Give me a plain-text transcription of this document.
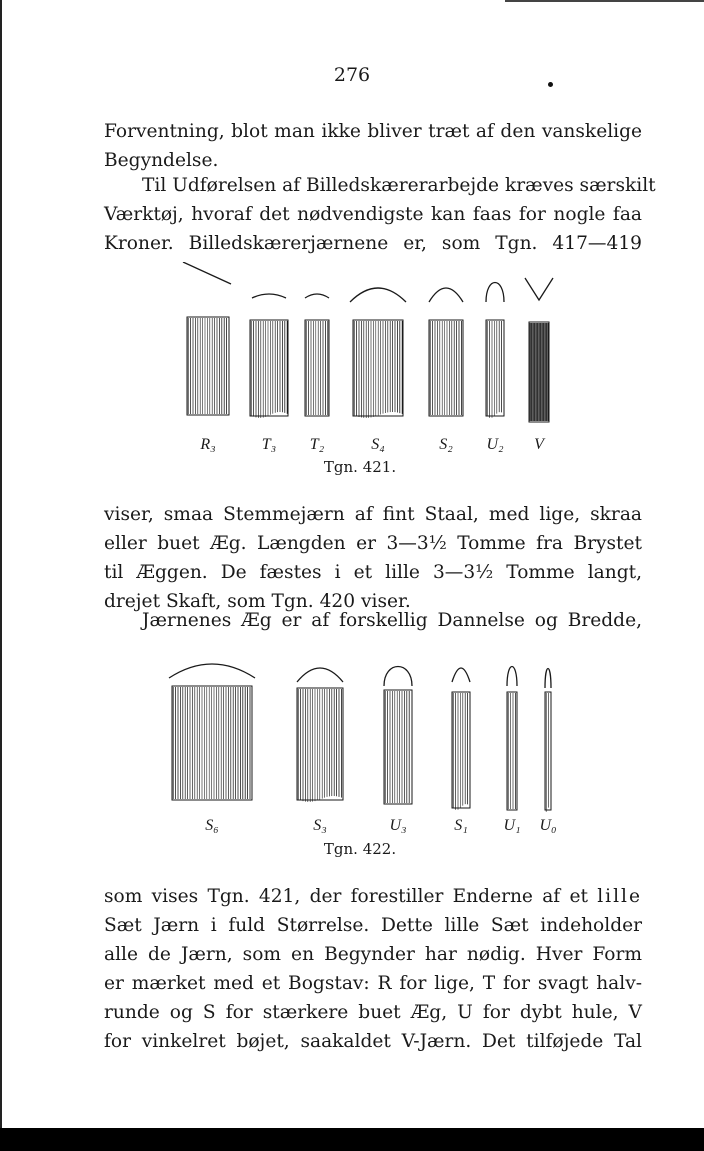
276

Forventning, blot man ikke bliver træt af den vanskelige
Begyndelse.

Til Udførelsen af Billedskærerarbejde kræves særskilt
Værktøj, hvoraf det nødvendigste kan faas for nogle faa
Kroner. Billedskærerjærnene er, som Tgn. 417—419

R₃	T₃ T₂	S₄	S₂ U₂ V
Tgn. 421.

viser, smaa Stemmejærn af fint Staal, med lige, skraa
eller buet Æg. Længden er 3—3½ Tomme fra Brystet
til Æggen. De fæstes i et lille 3—3½ Tomme langt,
drejet Skaft, som Tgn. 420 viser.

Jærnenes Æg er af forskellig Dannelse og Bredde,

S₆	S₃	U₃	S₁ U₁ U₀
Tgn. 422.

som vises Tgn. 421, der forestiller Enderne af et lille
Sæt Jærn i fuld Størrelse. Dette lille Sæt indeholder
alle de Jærn, som en Begynder har nødig. Hver Form
er mærket med et Bogstav: R for lige, T for svagt halv-
runde og S for stærkere buet Æg, U for dybt hule, V
for vinkelret bøjet, saakaldet V-Jærn. Det tilføjede Tal
